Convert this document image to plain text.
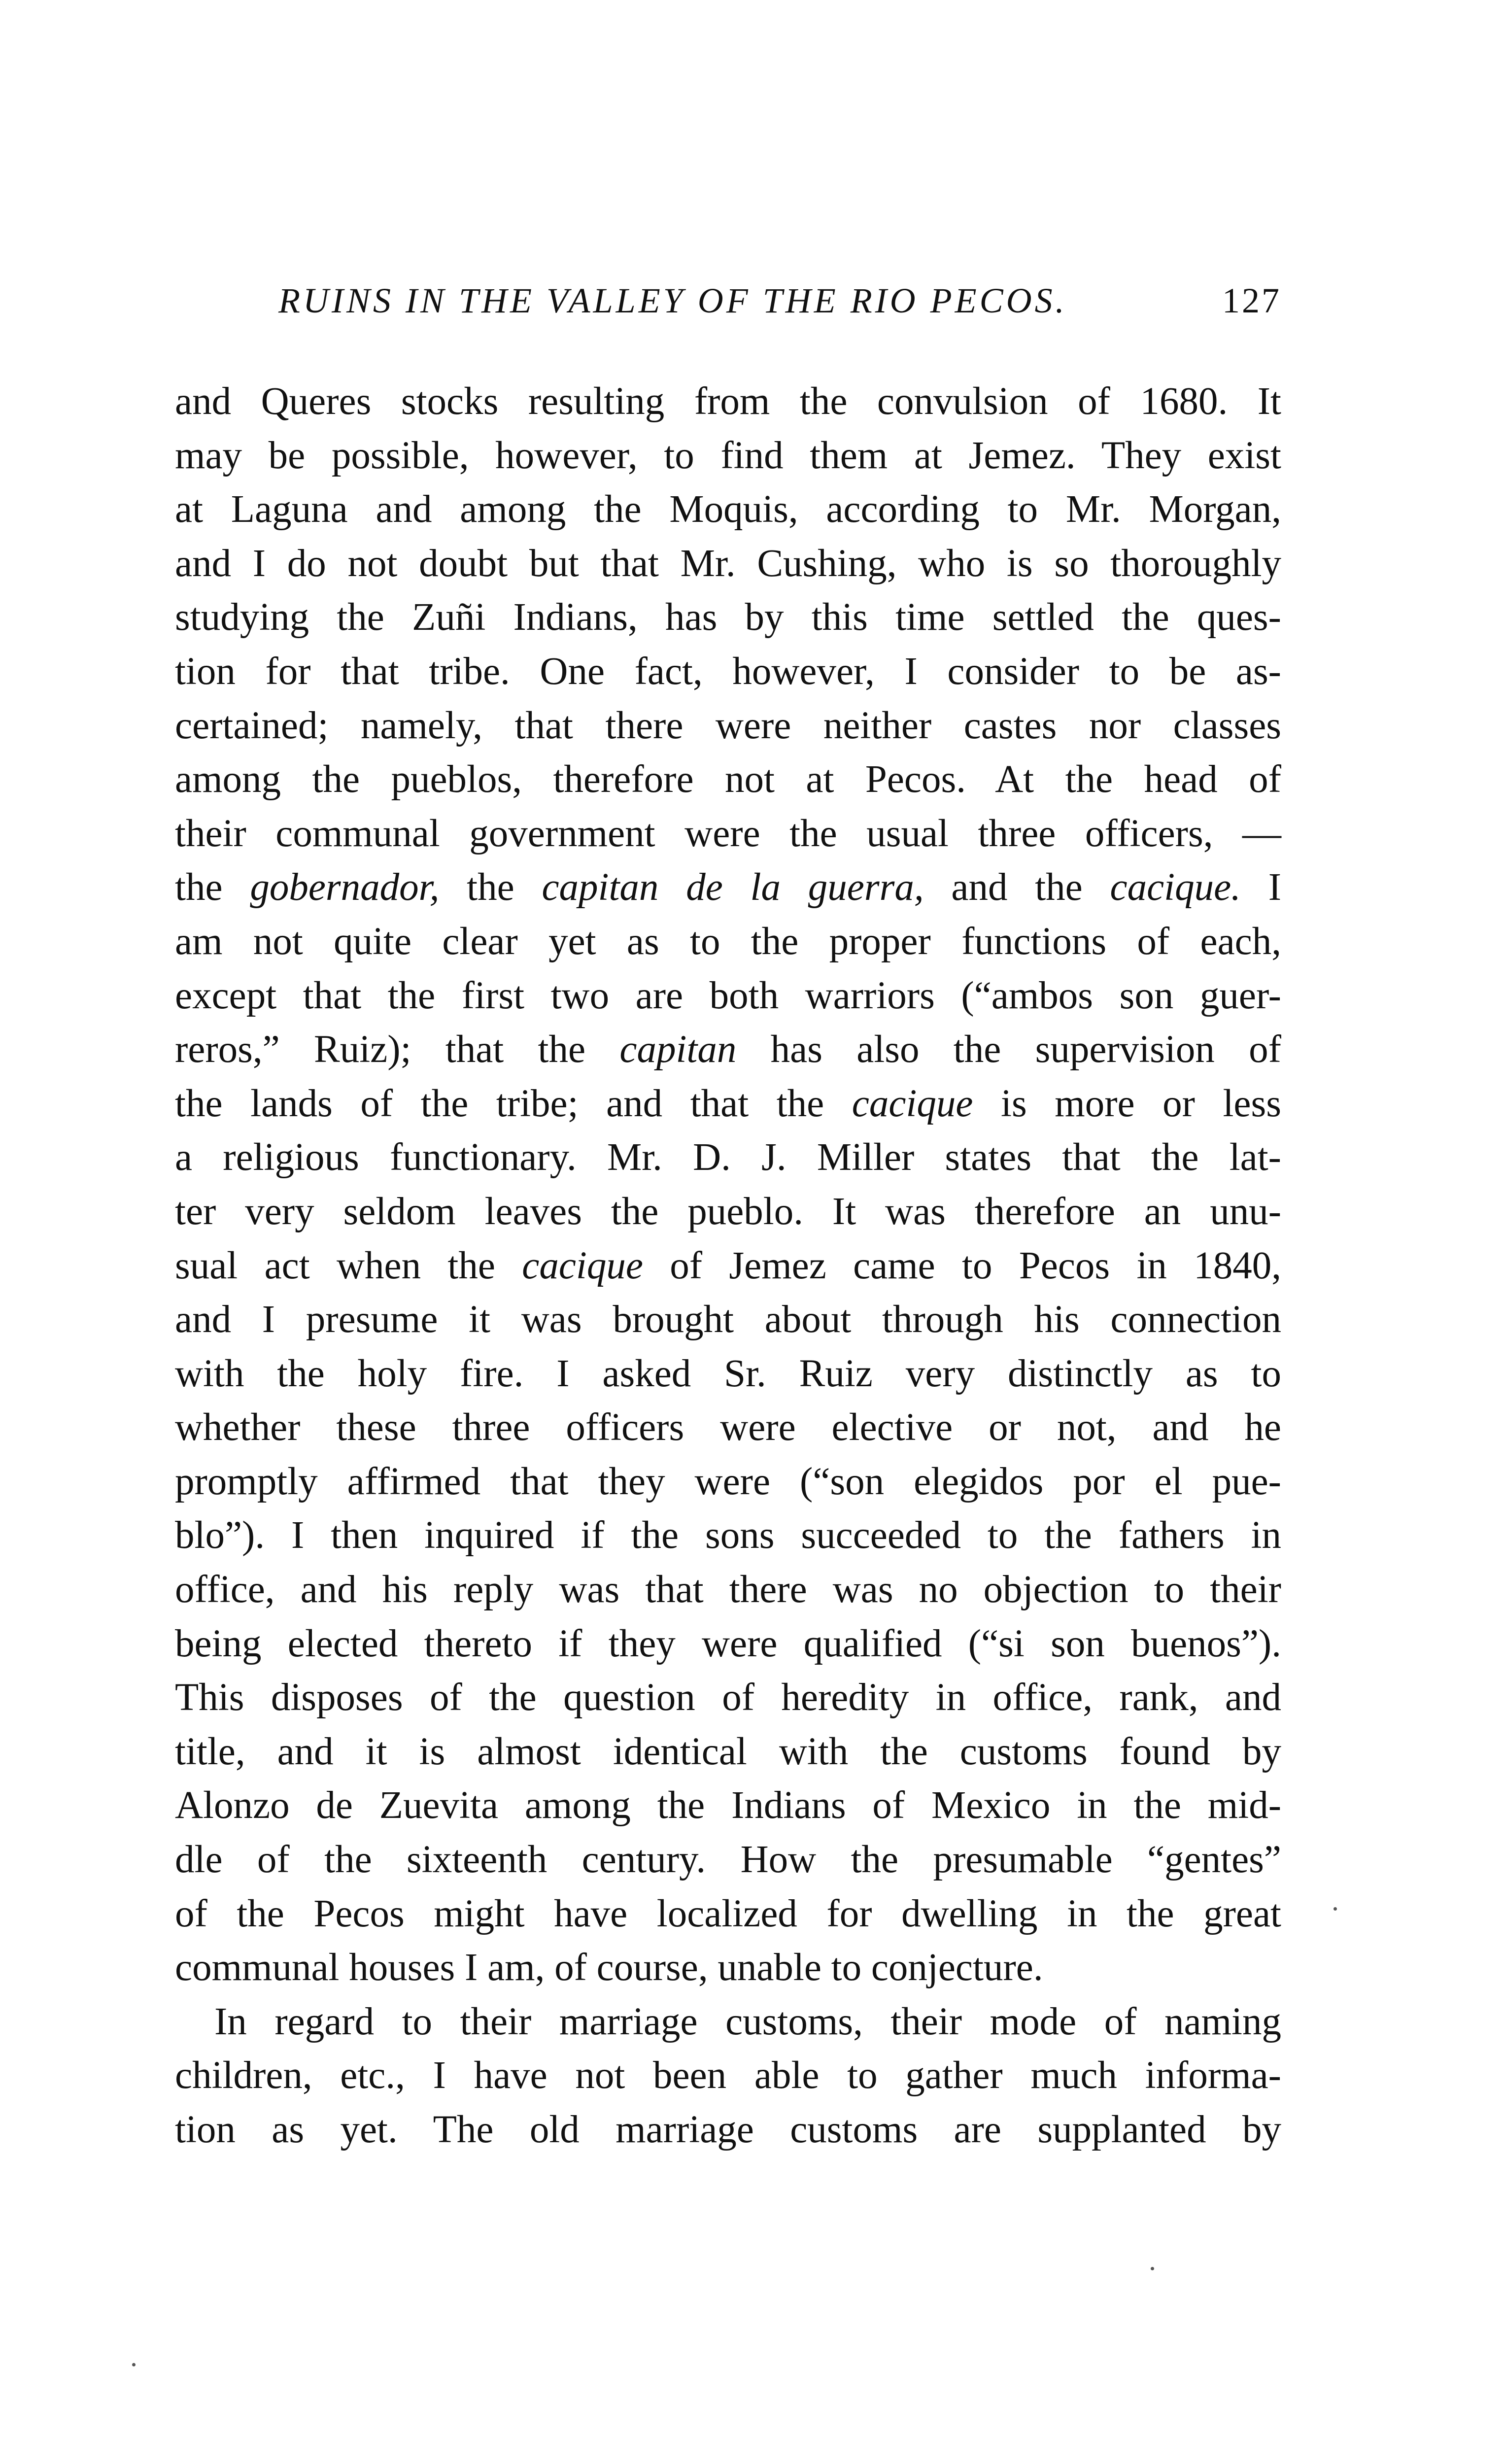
RUINS IN THE VALLEY OF THE RIO PECOS.	127
and Queres stocks resulting from the convulsion of 1680. It
may be possible, however, to find them at Jemez. They exist
at Laguna and among the Moquis, according to Mr. Morgan,
and I do not doubt but that Mr. Cushing, who is so thoroughly
studying the Zuñi Indians, has by this time settled the ques-
tion for that tribe. One fact, however, I consider to be as-
certained; namely, that there were neither castes nor classes
among the pueblos, therefore not at Pecos. At the head of
their communal government were the usual three officers, —
the gobernador, the capitan de la guerra, and the cacique. I
am not quite clear yet as to the proper functions of each,
except that the first two are both warriors (“ambos son guer-
reros,” Ruiz); that the capitan has also the supervision of
the lands of the tribe; and that the cacique is more or less
a religious functionary. Mr. D. J. Miller states that the lat-
ter very seldom leaves the pueblo. It was therefore an unu-
sual act when the cacique of Jemez came to Pecos in 1840,
and I presume it was brought about through his connection
with the holy fire. I asked Sr. Ruiz very distinctly as to
whether these three officers were elective or not, and he
promptly affirmed that they were (“son elegidos por el pue-
blo”). I then inquired if the sons succeeded to the fathers in
office, and his reply was that there was no objection to their
being elected thereto if they were qualified (“si son buenos”).
This disposes of the question of heredity in office, rank, and
title, and it is almost identical with the customs found by
Alonzo de Zuevita among the Indians of Mexico in the mid-
dle of the sixteenth century. How the presumable “gentes”
of the Pecos might have localized for dwelling in the great
communal houses I am, of course, unable to conjecture.
In regard to their marriage customs, their mode of naming
children, etc., I have not been able to gather much informa-
tion as yet. The old marriage customs are supplanted by
